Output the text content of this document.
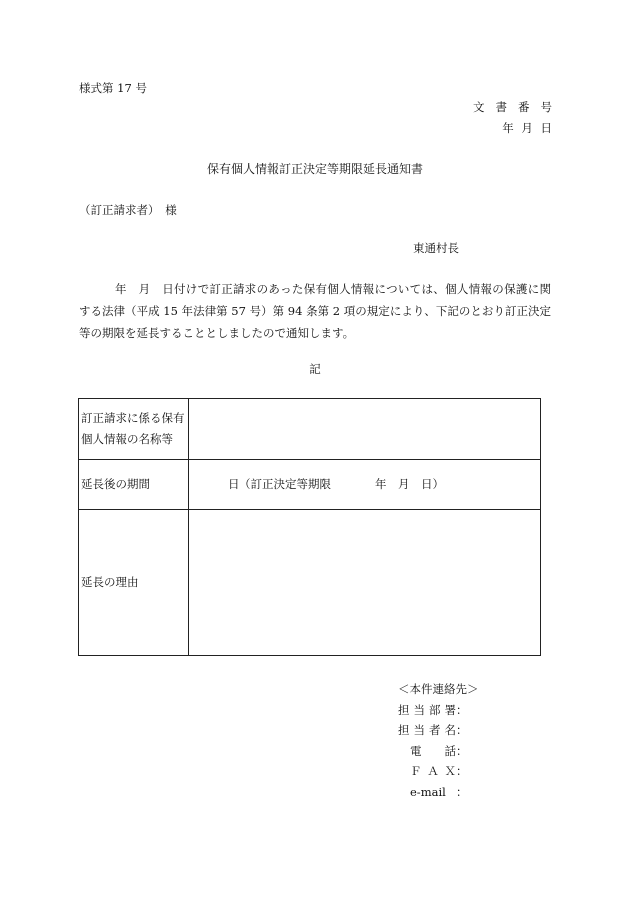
様式第 17 号
文書番号
年 月 日
保有個人情報訂正決定等期限延長通知書
（訂正請求者）　様
東通村長
年　月　日付けで訂正請求のあった保有個人情報については、個人情報の保護に関する法律（平成 15 年法律第 57 号）第 94 条第 2 項の規定により、下記のとおり訂正決定等の期限を延長することとしましたので通知します。
記
訂正請求に係る保有個人情報の名称等	
延長後の期間	日 （訂正決定等期限 年　月　日）

延長の理由	
＜本件連絡先＞
担当部署：
担当者名：
電話：
ＦＡＸ：
e-mail ：
